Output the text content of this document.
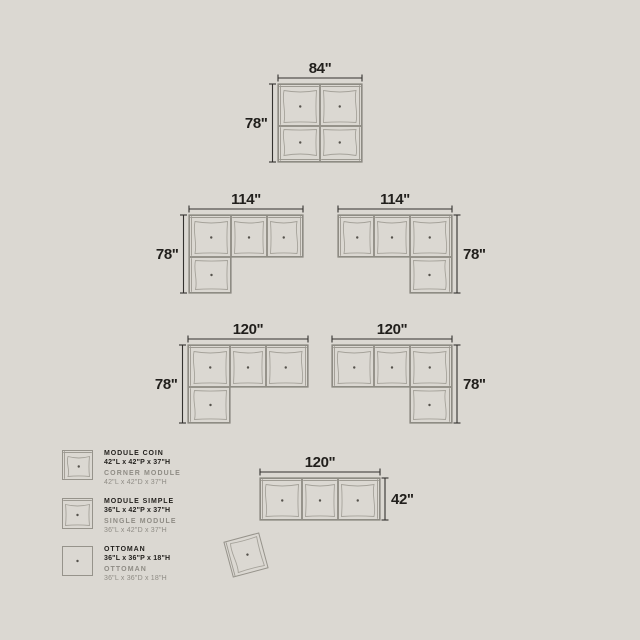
84"
78"
114"
78"
114"
78"
120"
78"
120"
78"
120"
42"
MODULE COIN
42"L x 42"P x 37"H
CORNER MODULE
42"L x 42"D x 37"H
MODULE SIMPLE
36"L x 42"P x 37"H
SINGLE MODULE
36"L x 42"D x 37"H
OTTOMAN
36"L x 36"P x 18"H
OTTOMAN
36"L x 36"D x 18"H
